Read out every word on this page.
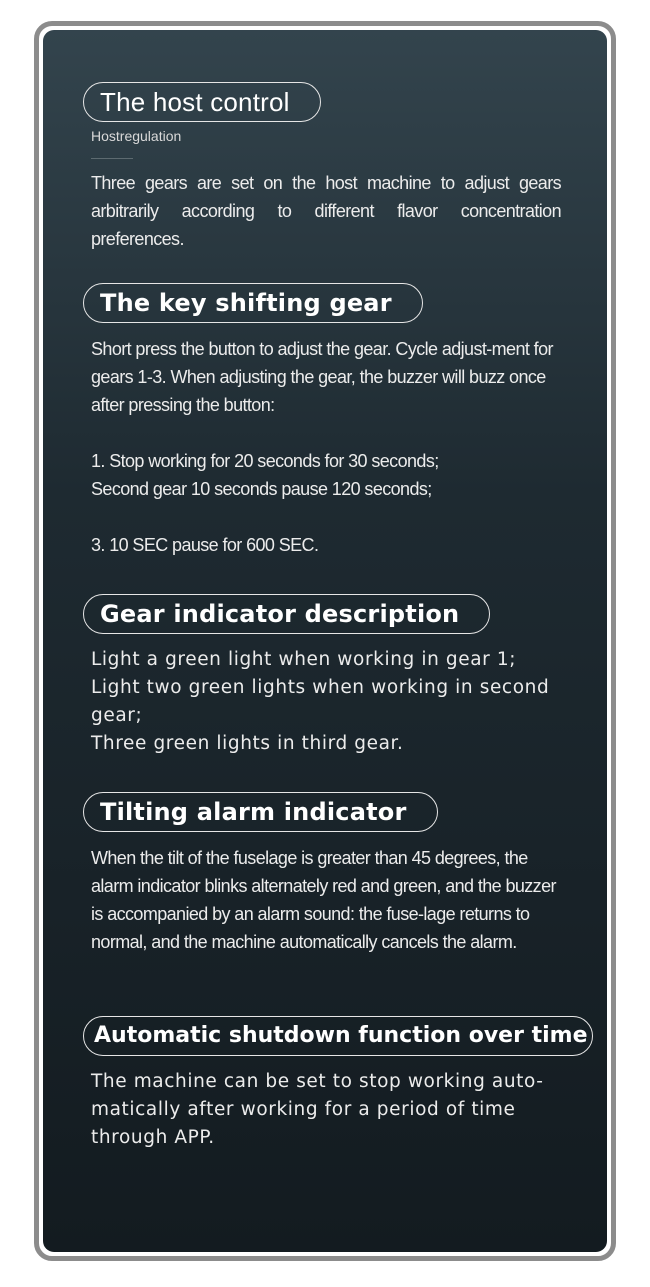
The host control
Hostregulation

Three gears are set on the host machine to adjust gears arbitrarily according to different flavor concentration preferences.

The key shifting gear

Short press the button to adjust the gear. Cycle adjust-ment for gears 1-3. When adjusting the gear, the buzzer will buzz once after pressing the button:

1. Stop working for 20 seconds for 30 seconds;

Second gear 10 seconds pause 120 seconds;

3. 10 SEC pause for 600 SEC.

Gear indicator description

Light a green light when working in gear 1;

Light two green lights when working in second gear;

Three green lights in third gear.

Tilting alarm indicator

When the tilt of the fuselage is greater than 45 degrees, the alarm indicator blinks alternately red and green, and the buzzer is accompanied by an alarm sound: the fuse-lage returns to normal, and the machine automatically cancels the alarm.

Automatic shutdown function over time

The machine can be set to stop working auto-matically after working for a period of time through APP.
